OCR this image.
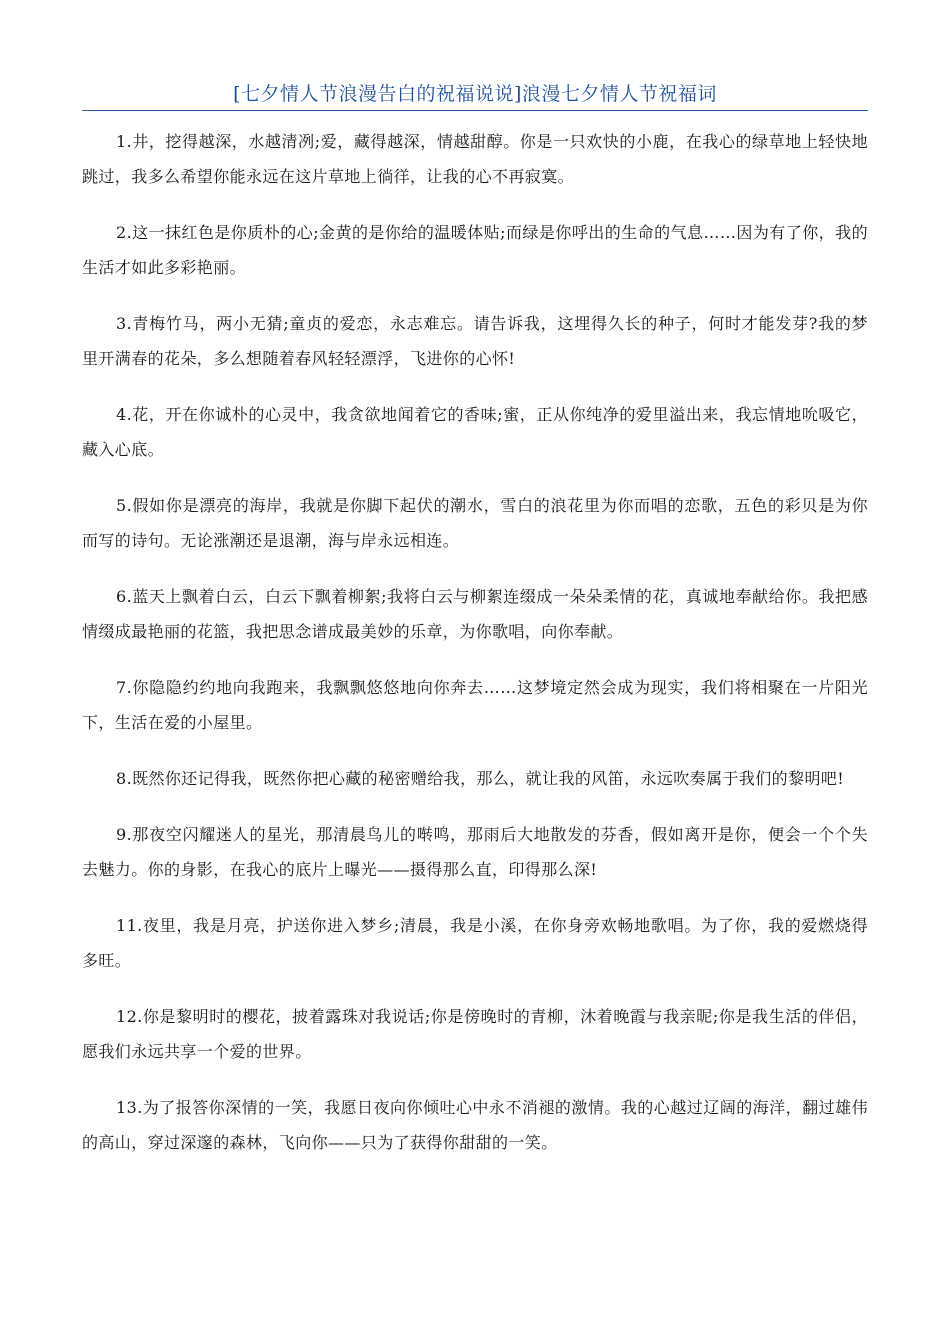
[七夕情人节浪漫告白的祝福说说]浪漫七夕情人节祝福词

1.井，挖得越深，水越清冽;爱，藏得越深，情越甜醇。你是一只欢快的小鹿，在我心的绿草地上轻快地跳过，我多么希望你能永远在这片草地上徜徉，让我的心不再寂寞。

2.这一抹红色是你质朴的心;金黄的是你给的温暖体贴;而绿是你呼出的生命的气息……因为有了你，我的生活才如此多彩艳丽。

3.青梅竹马，两小无猜;童贞的爱恋，永志难忘。请告诉我，这埋得久长的种子，何时才能发芽?我的梦里开满春的花朵，多么想随着春风轻轻漂浮，飞进你的心怀!

4.花，开在你诚朴的心灵中，我贪欲地闻着它的香味;蜜，正从你纯净的爱里溢出来，我忘情地吮吸它，藏入心底。

5.假如你是漂亮的海岸，我就是你脚下起伏的潮水，雪白的浪花里为你而唱的恋歌，五色的彩贝是为你而写的诗句。无论涨潮还是退潮，海与岸永远相连。

6.蓝天上飘着白云，白云下飘着柳絮;我将白云与柳絮连缀成一朵朵柔情的花，真诚地奉献给你。我把感情缀成最艳丽的花篮，我把思念谱成最美妙的乐章，为你歌唱，向你奉献。

7.你隐隐约约地向我跑来，我飘飘悠悠地向你奔去……这梦境定然会成为现实，我们将相聚在一片阳光下，生活在爱的小屋里。

8.既然你还记得我，既然你把心藏的秘密赠给我，那么，就让我的风笛，永远吹奏属于我们的黎明吧!

9.那夜空闪耀迷人的星光，那清晨鸟儿的啭鸣，那雨后大地散发的芬香，假如离开是你，便会一个个失去魅力。你的身影，在我心的底片上曝光——摄得那么直，印得那么深!

11.夜里，我是月亮，护送你进入梦乡;清晨，我是小溪，在你身旁欢畅地歌唱。为了你，我的爱燃烧得多旺。

12.你是黎明时的樱花，披着露珠对我说话;你是傍晚时的青柳，沐着晚霞与我亲昵;你是我生活的伴侣，愿我们永远共享一个爱的世界。

13.为了报答你深情的一笑，我愿日夜向你倾吐心中永不消褪的激情。我的心越过辽阔的海洋，翻过雄伟的高山，穿过深邃的森林，飞向你——只为了获得你甜甜的一笑。
